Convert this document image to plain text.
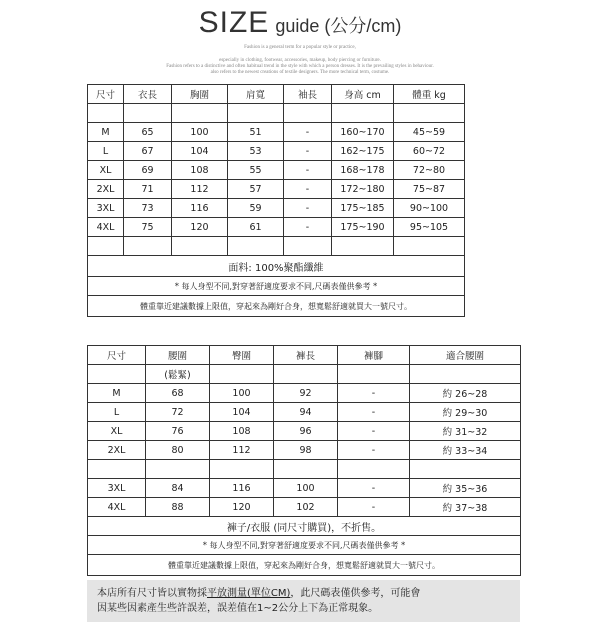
SIZE guide (公分/cm)
Fashion is a general term for a popular style or practice,
especially in clothing, footwear, accessories, makeup, body piercing or furniture.
Fashion refers to a distinctive and often habitual trend in the style with which a person dresses. It is the prevailing styles in behaviour.
also refers to the newest creations of textile designers. The more technical term, costume.
尺寸	衣長	胸圍	肩寬	袖長	身高 cm	體重 kg

M	65	100	51	-	160~170	45~59
L	67	104	53	-	162~175	60~72
XL	69	108	55	-	168~178	72~80
2XL	71	112	57	-	172~180	75~87
3XL	73	116	59	-	175~185	90~100
4XL	75	120	61	-	175~190	95~105

面料: 100%聚酯纖維						
* 每人身型不同,對穿著舒適度要求不同,尺碼表僅供參考 *						
體重靠近建議數據上限值，穿起來為剛好合身，想寬鬆舒適就買大一號尺寸。						
尺寸	腰圍	臀圍	褲長	褲腳	適合腰圍
	(鬆緊)				
M	68	100	92	-	約 26~28
L	72	104	94	-	約 29~30
XL	76	108	96	-	約 31~32
2XL	80	112	98	-	約 33~34

3XL	84	116	100	-	約 35~36
4XL	88	120	102	-	約 37~38
褲子/衣服 (同尺寸購買)，不折售。					
* 每人身型不同,對穿著舒適度要求不同,尺碼表僅供參考 *					
體重靠近建議數據上限值，穿起來為剛好合身，想寬鬆舒適就買大一號尺寸。					
本店所有尺寸皆以實物採平放測量(單位CM)，此尺碼表僅供參考，可能會
因某些因素產生些許誤差，誤差值在1~2公分上下為正常現象。
